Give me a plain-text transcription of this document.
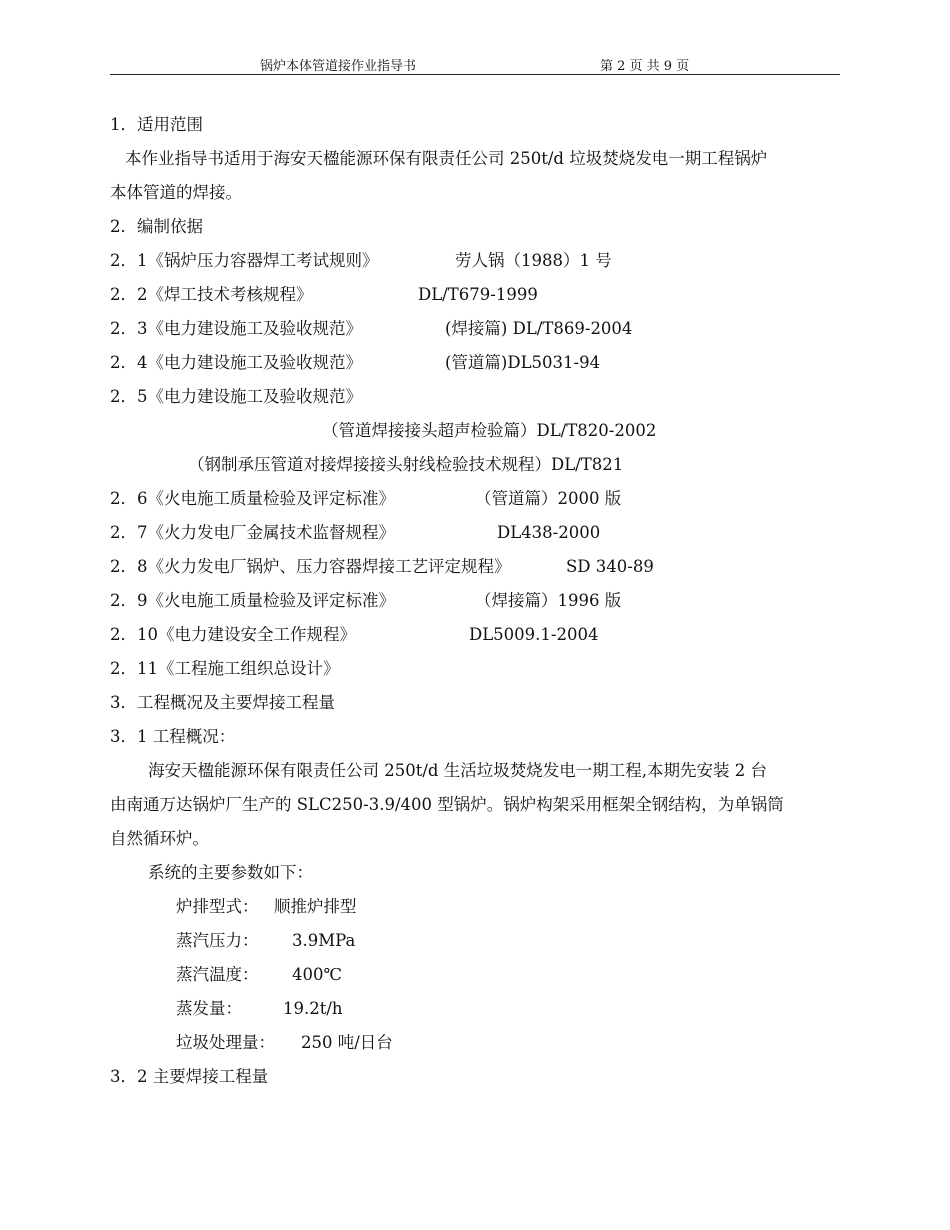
锅炉本体管道接作业指导书	第 2 页 共 9 页
1．适用范围
本作业指导书适用于海安天楹能源环保有限责任公司 250t/d 垃圾焚烧发电一期工程锅炉
本体管道的焊接。
2．编制依据
2．1《锅炉压力容器焊工考试规则》	劳人锅（1988）1 号
2．2《焊工技术考核规程》	DL/T679-1999
2．3《电力建设施工及验收规范》	(焊接篇) DL/T869-2004
2．4《电力建设施工及验收规范》	(管道篇)DL5031-94
2．5《电力建设施工及验收规范》
（管道焊接接头超声检验篇）DL/T820-2002
（钢制承压管道对接焊接接头射线检验技术规程）DL/T821
2．6《火电施工质量检验及评定标准》	（管道篇）2000 版
2．7《火力发电厂金属技术监督规程》	DL438-2000
2．8《火力发电厂锅炉、压力容器焊接工艺评定规程》	SD 340-89
2．9《火电施工质量检验及评定标准》	（焊接篇）1996 版
2．10《电力建设安全工作规程》	DL5009.1-2004
2．11《工程施工组织总设计》
3．工程概况及主要焊接工程量
3．1 工程概况：
海安天楹能源环保有限责任公司 250t/d 生活垃圾焚烧发电一期工程,本期先安装 2 台
由南通万达锅炉厂生产的 SLC250-3.9/400 型锅炉。锅炉构架采用框架全钢结构，为单锅筒
自然循环炉。
系统的主要参数如下：
炉排型式： 顺推炉排型
蒸汽压力： 3.9MPa
蒸汽温度： 400℃
蒸发量： 19.2t/h
垃圾处理量： 250 吨/日台
3．2 主要焊接工程量
